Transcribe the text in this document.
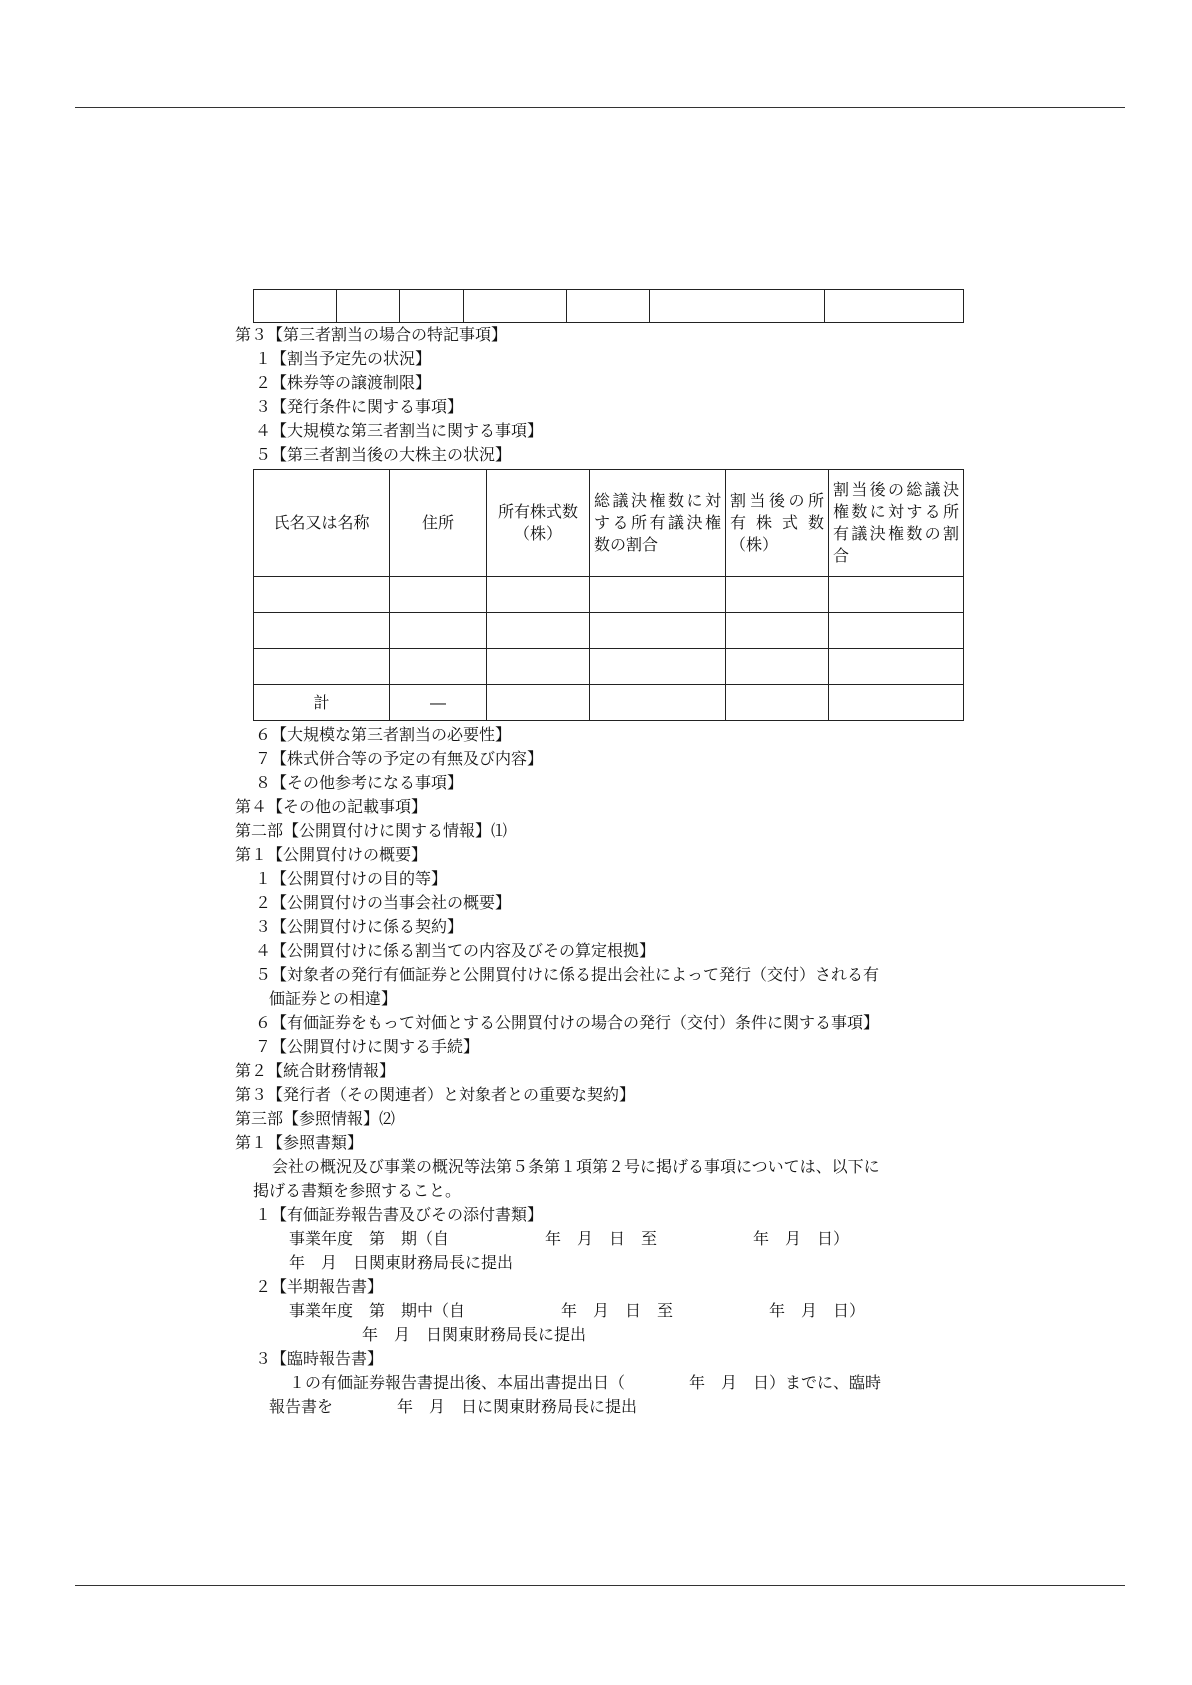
第３【第三者割当の場合の特記事項】
１【割当予定先の状況】
２【株券等の譲渡制限】
３【発行条件に関する事項】
４【大規模な第三者割当に関する事項】
５【第三者割当後の大株主の状況】
氏名又は名称	住所	所有株式数（株）	総議決権数に対する所有議決権数の割合	割当後の所有株式数（株）	割当後の総議決権数に対する所有議決権数の割合

計	―				
６【大規模な第三者割当の必要性】
７【株式併合等の予定の有無及び内容】
８【その他参考になる事項】
第４【その他の記載事項】
第二部【公開買付けに関する情報】⑴
第１【公開買付けの概要】
１【公開買付けの目的等】
２【公開買付けの当事会社の概要】
３【公開買付けに係る契約】
４【公開買付けに係る割当ての内容及びその算定根拠】
５【対象者の発行有価証券と公開買付けに係る提出会社によって発行（交付）される有
価証券との相違】
６【有価証券をもって対価とする公開買付けの場合の発行（交付）条件に関する事項】
７【公開買付けに関する手続】
第２【統合財務情報】
第３【発行者（その関連者）と対象者との重要な契約】
第三部【参照情報】⑵
第１【参照書類】
会社の概況及び事業の概況等法第５条第１項第２号に掲げる事項については、以下に
掲げる書類を参照すること。
１【有価証券報告書及びその添付書類】
事業年度　第　期（自　　　　　　年　月　日　至　　　　　　年　月　日）
年　月　日関東財務局長に提出
２【半期報告書】
事業年度　第　期中（自　　　　　　年　月　日　至　　　　　　年　月　日）
年　月　日関東財務局長に提出
３【臨時報告書】
１の有価証券報告書提出後、本届出書提出日（　　　　年　月　日）までに、臨時
報告書を　　　　年　月　日に関東財務局長に提出
